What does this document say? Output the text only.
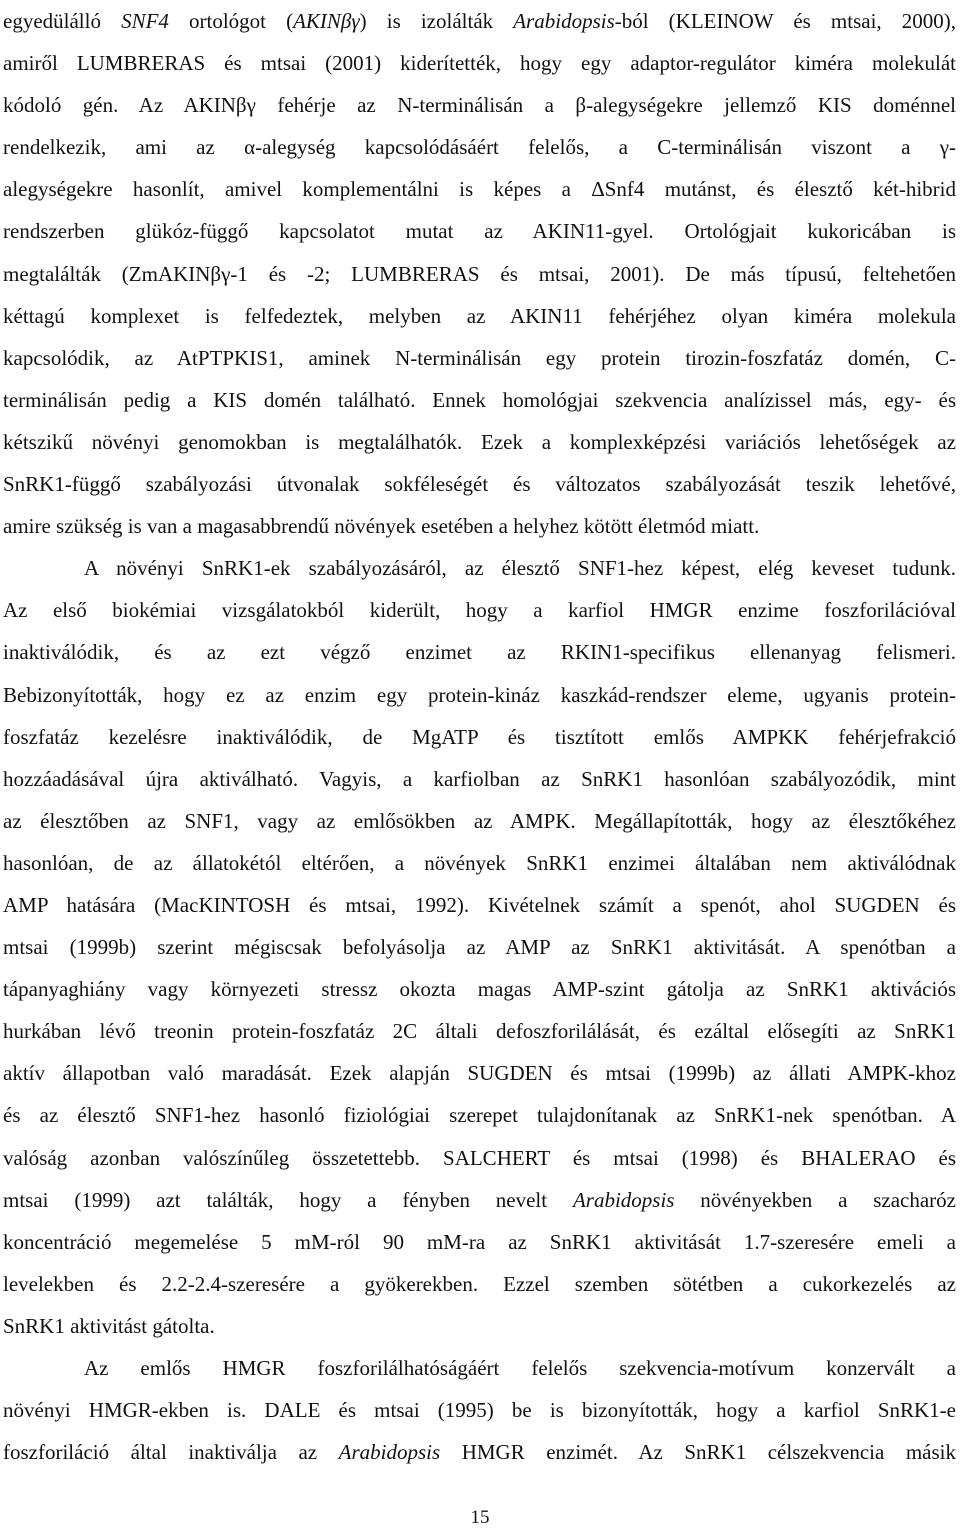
egyedülálló SNF4 ortológot (AKINβγ) is izolálták Arabidopsis-ból (KLEINOW és mtsai, 2000),
amiről LUMBRERAS és mtsai (2001) kiderítették, hogy egy adaptor-regulátor kiméra molekulát
kódoló gén. Az AKINβγ fehérje az N-terminálisán a β-alegységekre jellemző KIS doménnel
rendelkezik, ami az α-alegység kapcsolódásáért felelős, a C-terminálisán viszont a γ-
alegységekre hasonlít, amivel komplementálni is képes a ΔSnf4 mutánst, és élesztő két-hibrid
rendszerben glükóz-függő kapcsolatot mutat az AKIN11-gyel. Ortológjait kukoricában is
megtalálták (ZmAKINβγ-1 és -2; LUMBRERAS és mtsai, 2001). De más típusú, feltehetően
kéttagú komplexet is felfedeztek, melyben az AKIN11 fehérjéhez olyan kiméra molekula
kapcsolódik, az AtPTPKIS1, aminek N-terminálisán egy protein tirozin-foszfatáz domén, C-
terminálisán pedig a KIS domén található. Ennek homológjai szekvencia analízissel más, egy- és
kétszikű növényi genomokban is megtalálhatók. Ezek a komplexképzési variációs lehetőségek az
SnRK1-függő szabályozási útvonalak sokféleségét és változatos szabályozását teszik lehetővé,
amire szükség is van a magasabbrendű növények esetében a helyhez kötött életmód miatt.
A növényi SnRK1-ek szabályozásáról, az élesztő SNF1-hez képest, elég keveset tudunk.
Az első biokémiai vizsgálatokból kiderült, hogy a karfiol HMGR enzime foszforilációval
inaktiválódik, és az ezt végző enzimet az RKIN1-specifikus ellenanyag felismeri.
Bebizonyították, hogy ez az enzim egy protein-kináz kaszkád-rendszer eleme, ugyanis protein-
foszfatáz kezelésre inaktiválódik, de MgATP és tisztított emlős AMPKK fehérjefrakció
hozzáadásával újra aktiválható. Vagyis, a karfiolban az SnRK1 hasonlóan szabályozódik, mint
az élesztőben az SNF1, vagy az emlősökben az AMPK. Megállapították, hogy az élesztőkéhez
hasonlóan, de az állatokétól eltérően, a növények SnRK1 enzimei általában nem aktiválódnak
AMP hatására (MacKINTOSH és mtsai, 1992). Kivételnek számít a spenót, ahol SUGDEN és
mtsai (1999b) szerint mégiscsak befolyásolja az AMP az SnRK1 aktivitását. A spenótban a
tápanyaghiány vagy környezeti stressz okozta magas AMP-szint gátolja az SnRK1 aktivációs
hurkában lévő treonin protein-foszfatáz 2C általi defoszforilálását, és ezáltal elősegíti az SnRK1
aktív állapotban való maradását. Ezek alapján SUGDEN és mtsai (1999b) az állati AMPK-khoz
és az élesztő SNF1-hez hasonló fiziológiai szerepet tulajdonítanak az SnRK1-nek spenótban. A
valóság azonban valószínűleg összetettebb. SALCHERT és mtsai (1998) és BHALERAO és
mtsai (1999) azt találták, hogy a fényben nevelt Arabidopsis növényekben a szacharóz
koncentráció megemelése 5 mM-ról 90 mM-ra az SnRK1 aktivitását 1.7-szeresére emeli a
levelekben és 2.2-2.4-szeresére a gyökerekben. Ezzel szemben sötétben a cukorkezelés az
SnRK1 aktivitást gátolta.
Az emlős HMGR foszforilálhatóságáért felelős szekvencia-motívum konzervált a
növényi HMGR-ekben is. DALE és mtsai (1995) be is bizonyították, hogy a karfiol SnRK1-e
foszforiláció által inaktiválja az Arabidopsis HMGR enzimét. Az SnRK1 célszekvencia másik
15
